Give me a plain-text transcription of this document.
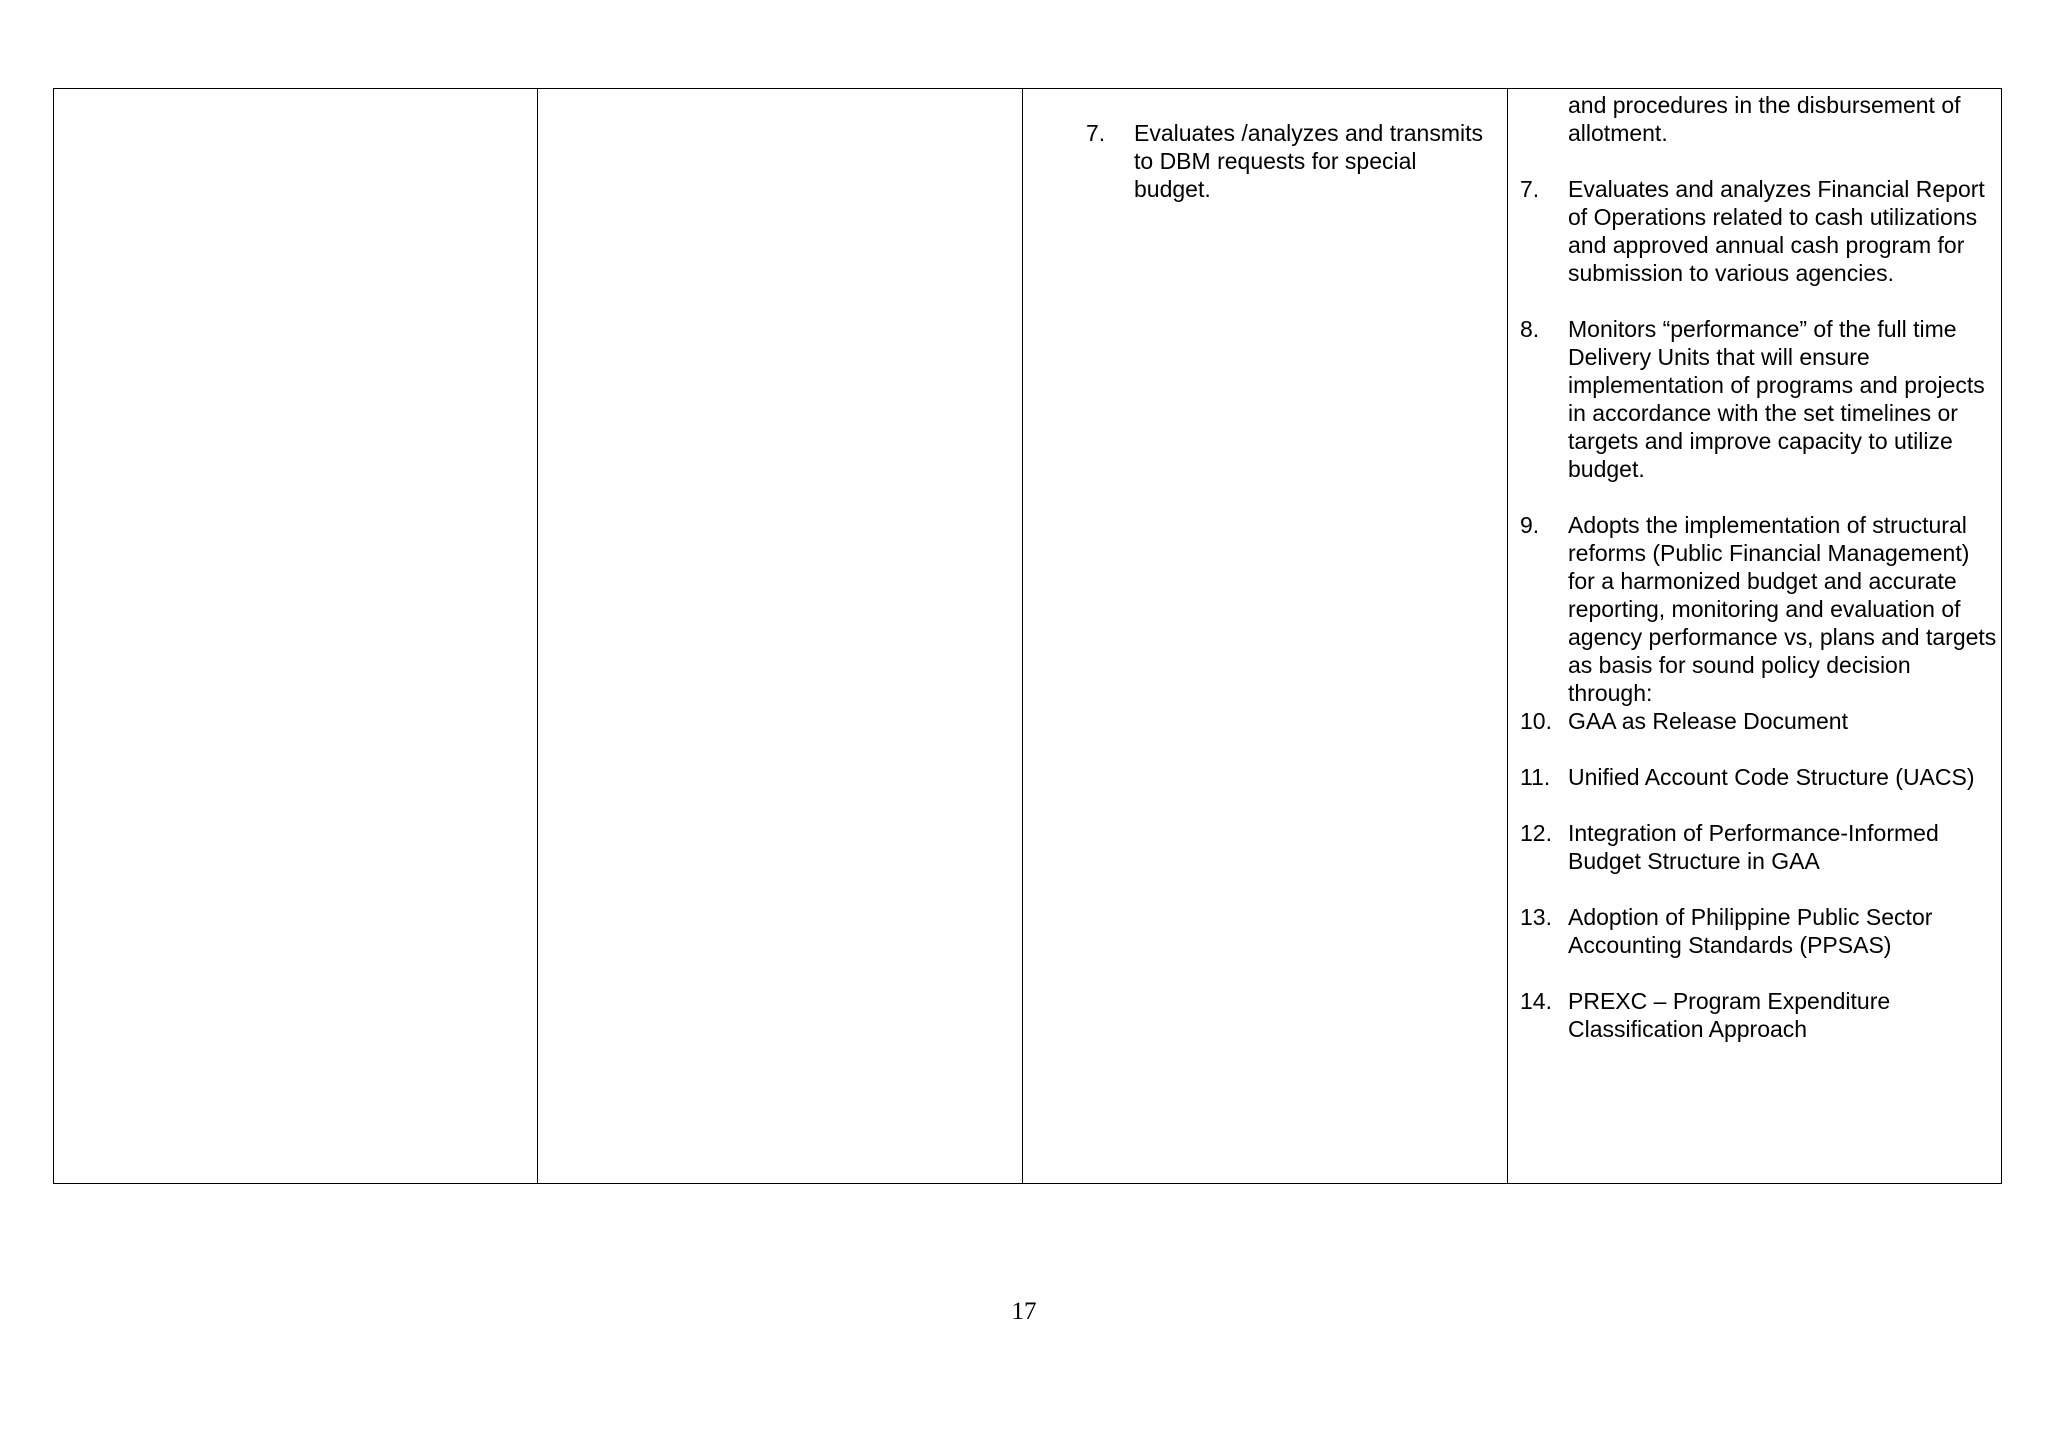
7. Evaluates /analyzes and transmits to DBM requests for special budget.
and procedures in the disbursement of allotment.
7. Evaluates and analyzes Financial Report of Operations related to cash utilizations and approved annual cash program for submission to various agencies.
8. Monitors “performance” of the full time Delivery Units that will ensure implementation of programs and projects in accordance with the set timelines or targets and improve capacity to utilize budget.
9. Adopts the implementation of structural reforms (Public Financial Management) for a harmonized budget and accurate reporting, monitoring and evaluation of agency performance vs, plans and targets as basis for sound policy decision through:
10. GAA as Release Document
11. Unified Account Code Structure (UACS)
12. Integration of Performance-Informed Budget Structure in GAA
13. Adoption of Philippine Public Sector Accounting Standards (PPSAS)
14. PREXC – Program Expenditure Classification Approach
17
